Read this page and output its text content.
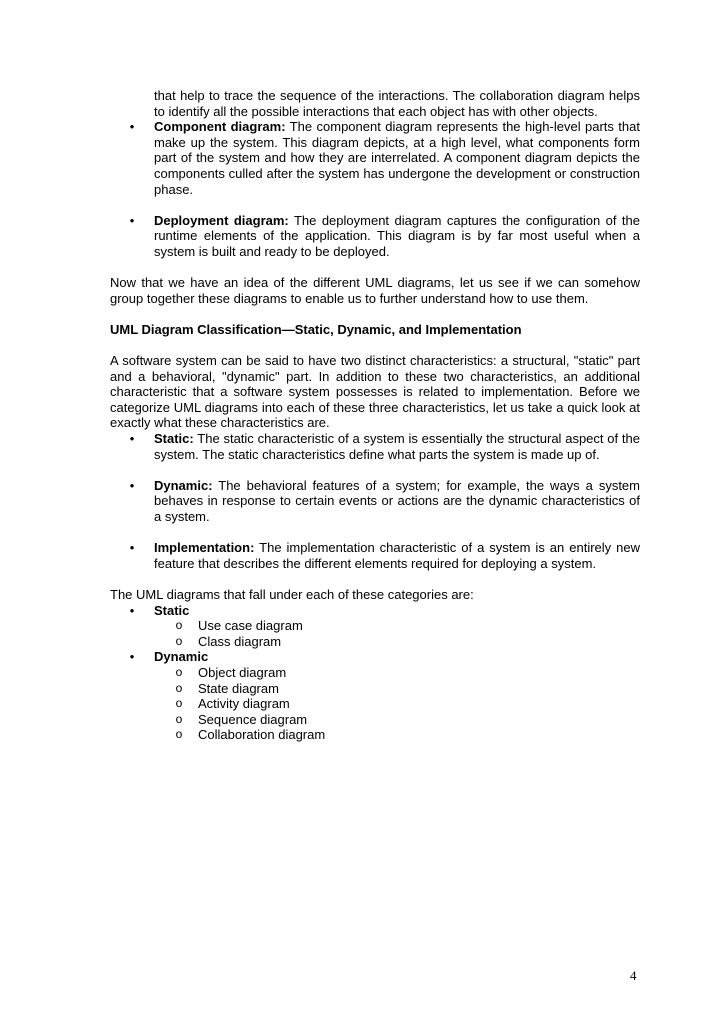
that help to trace the sequence of the interactions. The collaboration diagram helps to identify all the possible interactions that each object has with other objects.

• Component diagram: The component diagram represents the high-level parts that make up the system. This diagram depicts, at a high level, what components form part of the system and how they are interrelated. A component diagram depicts the components culled after the system has undergone the development or construction phase.
• Deployment diagram: The deployment diagram captures the configuration of the runtime elements of the application. This diagram is by far most useful when a system is built and ready to be deployed.

Now that we have an idea of the different UML diagrams, let us see if we can somehow group together these diagrams to enable us to further understand how to use them.

UML Diagram Classification—Static, Dynamic, and Implementation

A software system can be said to have two distinct characteristics: a structural, "static" part and a behavioral, "dynamic" part. In addition to these two characteristics, an additional characteristic that a software system possesses is related to implementation. Before we categorize UML diagrams into each of these three characteristics, let us take a quick look at exactly what these characteristics are.

• Static: The static characteristic of a system is essentially the structural aspect of the system. The static characteristics define what parts the system is made up of.
• Dynamic: The behavioral features of a system; for example, the ways a system behaves in response to certain events or actions are the dynamic characteristics of a system.
• Implementation: The implementation characteristic of a system is an entirely new feature that describes the different elements required for deploying a system.

The UML diagrams that fall under each of these categories are:

• Static
o Use case diagram
o Class diagram
• Dynamic
o Object diagram
o State diagram
o Activity diagram
o Sequence diagram
o Collaboration diagram
4
